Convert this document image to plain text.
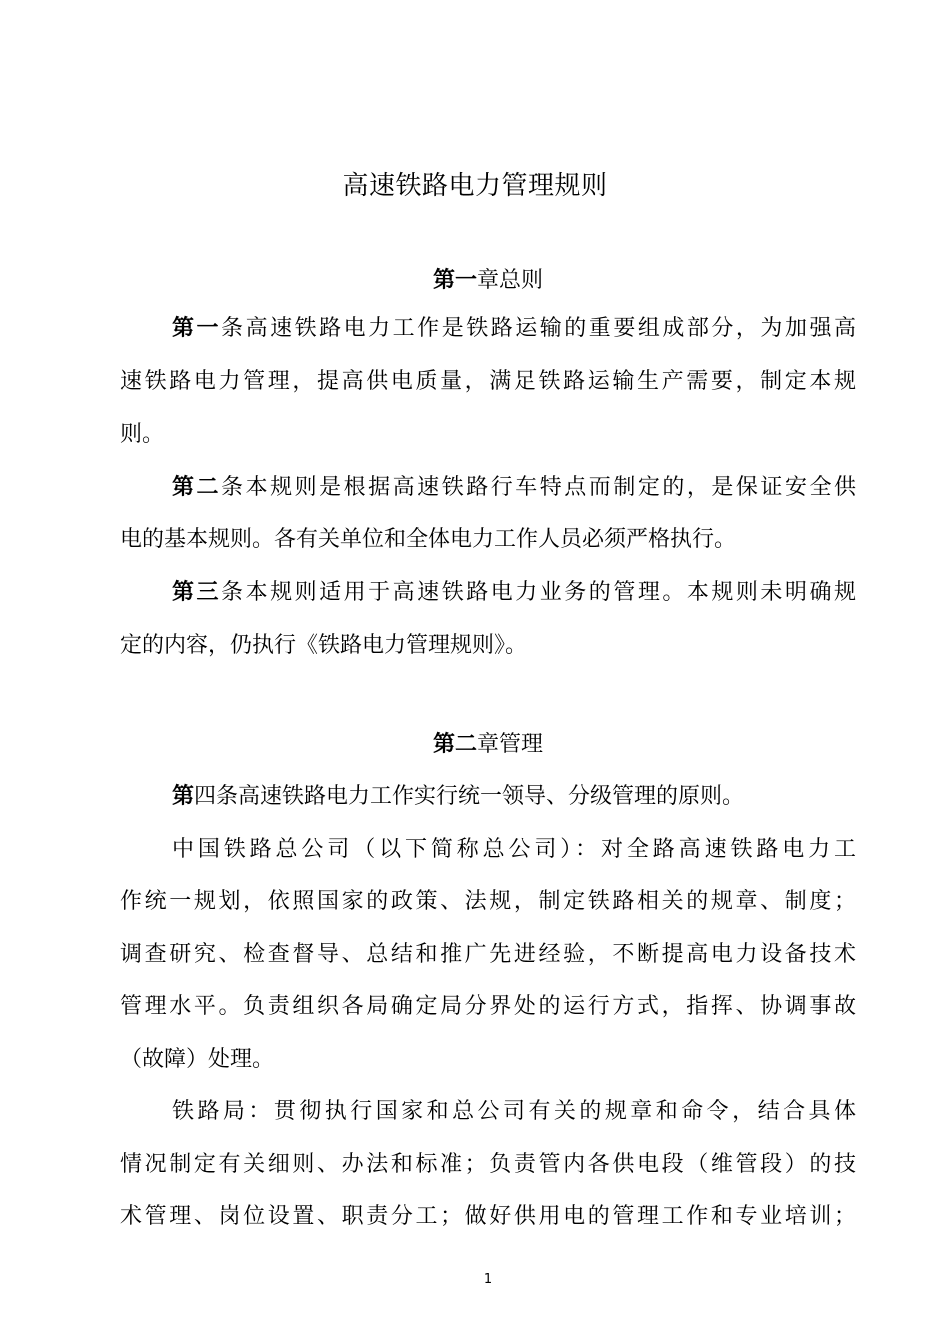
高速铁路电力管理规则
第一章总则
第一条高速铁路电力工作是铁路运输的重要组成部分，为加强高
速铁路电力管理，提高供电质量，满足铁路运输生产需要，制定本规
则。
第二条本规则是根据高速铁路行车特点而制定的，是保证安全供
电的基本规则。各有关单位和全体电力工作人员必须严格执行。
第三条本规则适用于高速铁路电力业务的管理。本规则未明确规
定的内容，仍执行《铁路电力管理规则》。
第二章管理
第四条高速铁路电力工作实行统一领导、分级管理的原则。
中国铁路总公司（以下简称总公司）：对全路高速铁路电力工
作统一规划，依照国家的政策、法规，制定铁路相关的规章、制度；
调查研究、检查督导、总结和推广先进经验，不断提高电力设备技术
管理水平。负责组织各局确定局分界处的运行方式，指挥、协调事故
（故障）处理。
铁路局：贯彻执行国家和总公司有关的规章和命令，结合具体
情况制定有关细则、办法和标准；负责管内各供电段（维管段）的技
术管理、岗位设置、职责分工；做好供用电的管理工作和专业培训；
1
